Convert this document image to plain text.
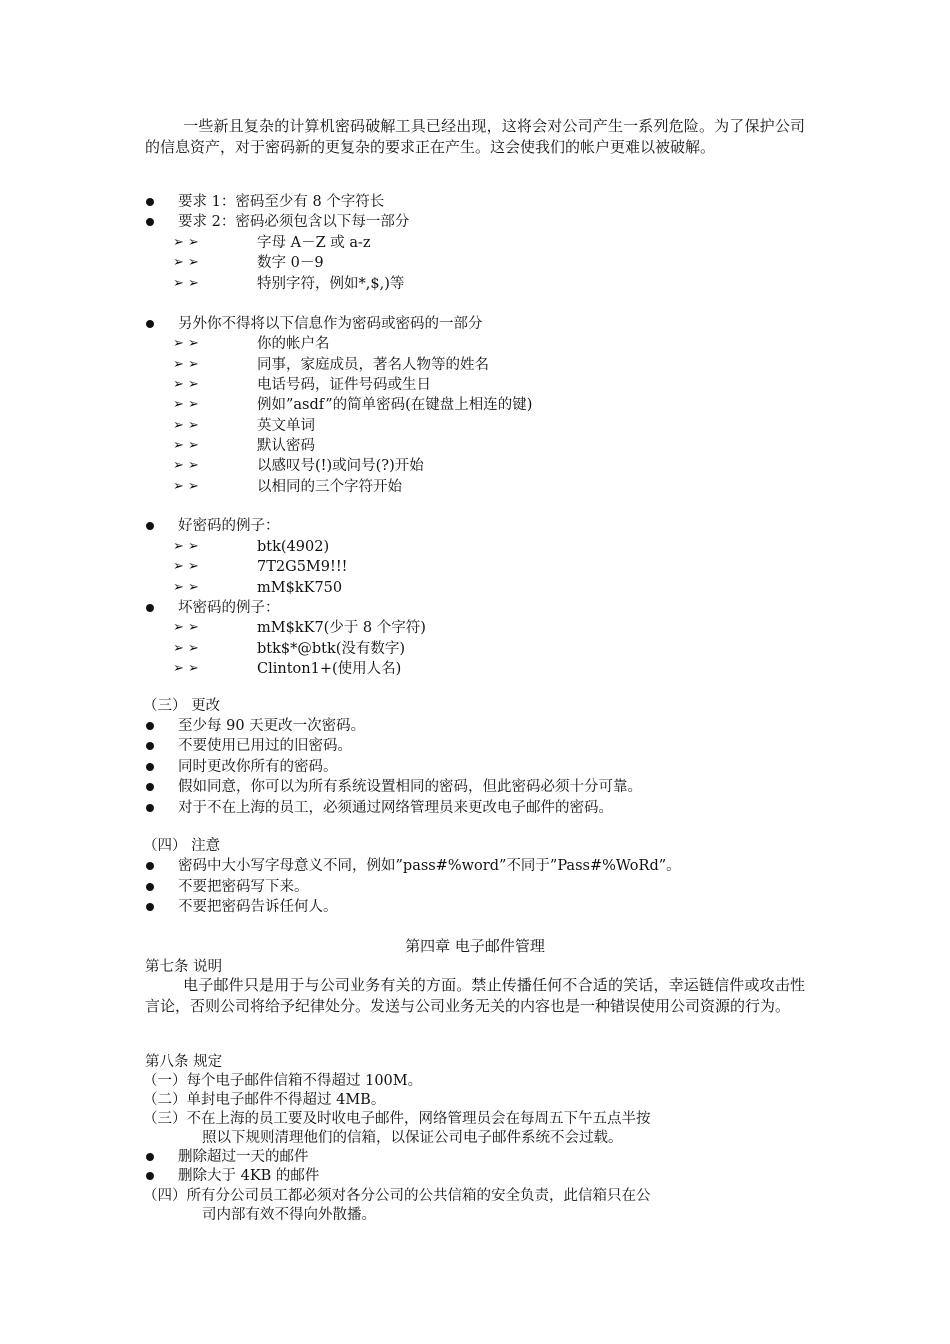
一些新且复杂的计算机密码破解工具已经出现，这将会对公司产生一系列危险。为了保护公司的信息资产，对于密码新的更复杂的要求正在产生。这会使我们的帐户更难以被破解。
要求 1：密码至少有 8 个字符长
要求 2：密码必须包含以下每一部分
➢ ➢	字母 A－Z 或 a-z
➢ ➢	数字 0－9
➢ ➢	特别字符，例如*,$,)等
另外你不得将以下信息作为密码或密码的一部分
➢ ➢	你的帐户名
➢ ➢	同事，家庭成员，著名人物等的姓名
➢ ➢	电话号码，证件号码或生日
➢ ➢	例如”asdf”的简单密码(在键盘上相连的键)
➢ ➢	英文单词
➢ ➢	默认密码
➢ ➢	以感叹号(!)或问号(?)开始
➢ ➢	以相同的三个字符开始
好密码的例子：
➢ ➢	btk(4902)
➢ ➢	7T2G5M9!!!
➢ ➢	mM$kK750
坏密码的例子：
➢ ➢	mM$kK7(少于 8 个字符)
➢ ➢	btk$*@btk(没有数字)
➢ ➢	Clinton1+(使用人名)
（三） 更改
至少每 90 天更改一次密码。
不要使用已用过的旧密码。
同时更改你所有的密码。
假如同意，你可以为所有系统设置相同的密码，但此密码必须十分可靠。
对于不在上海的员工，必须通过网络管理员来更改电子邮件的密码。
（四） 注意
密码中大小写字母意义不同，例如”pass#%word”不同于”Pass#%WoRd”。
不要把密码写下来。
不要把密码告诉任何人。
第四章 电子邮件管理
第七条 说明
电子邮件只是用于与公司业务有关的方面。禁止传播任何不合适的笑话，幸运链信件或攻击性言论，否则公司将给予纪律处分。发送与公司业务无关的内容也是一种错误使用公司资源的行为。
第八条 规定
（一）每个电子邮件信箱不得超过 100M。
（二）单封电子邮件不得超过 4MB。
（三）不在上海的员工要及时收电子邮件，网络管理员会在每周五下午五点半按
照以下规则清理他们的信箱，以保证公司电子邮件系统不会过载。
删除超过一天的邮件
删除大于 4KB 的邮件
（四）所有分公司员工都必须对各分公司的公共信箱的安全负责，此信箱只在公
司内部有效不得向外散播。
